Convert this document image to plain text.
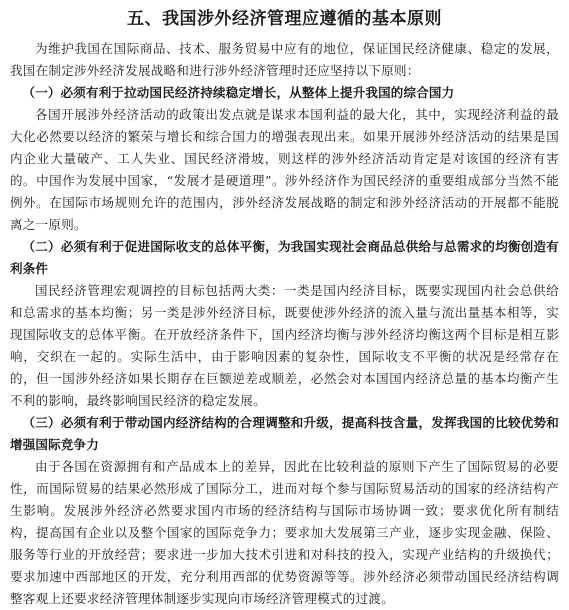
五、我国涉外经济管理应遵循的基本原则

为维护我国在国际商品、技术、服务贸易中应有的地位，保证国民经济健康、稳定的发展，我国在制定涉外经济发展战略和进行涉外经济管理时还应坚持以下原则：

（一）必须有利于拉动国民经济持续稳定增长，从整体上提升我国的综合国力

各国开展涉外经济活动的政策出发点就是谋求本国利益的最大化，其中，实现经济利益的最大化必然要以经济的繁荣与增长和综合国力的增强表现出来。如果开展涉外经济活动的结果是国内企业大量破产、工人失业、国民经济滑坡，则这样的涉外经济活动肯定是对该国的经济有害的。中国作为发展中国家，“发展才是硬道理”。涉外经济作为国民经济的重要组成部分当然不能例外。在国际市场规则允许的范围内，涉外经济发展战略的制定和涉外经济活动的开展都不能脱离之一原则。

（二）必须有利于促进国际收支的总体平衡，为我国实现社会商品总供给与总需求的均衡创造有利条件

国民经济管理宏观调控的目标包括两大类：一类是国内经济目标，既要实现国内社会总供给和总需求的基本均衡；另一类是涉外经济目标，既要使涉外经济的流入量与流出量基本相等，实现国际收支的总体平衡。在开放经济条件下，国内经济均衡与涉外经济均衡这两个目标是相互影响，交织在一起的。实际生活中，由于影响因素的复杂性，国际收支不平衡的状况是经常存在的，但一国涉外经济如果长期存在巨额逆差或顺差，必然会对本国国内经济总量的基本均衡产生不利的影响，最终影响国民经济的稳定发展。

（三）必须有利于带动国内经济结构的合理调整和升级，提高科技含量，发挥我国的比较优势和增强国际竞争力

由于各国在资源拥有和产品成本上的差异，因此在比较利益的原则下产生了国际贸易的必要性，而国际贸易的结果必然形成了国际分工，进而对每个参与国际贸易活动的国家的经济结构产生影响。发展涉外经济必然要求国内市场的经济结构与国际市场协调一致；要求优化所有制结构，提高国有企业以及整个国家的国际竞争力；要求加大发展第三产业，逐步实现金融、保险、服务等行业的开放经营；要求进一步加大技术引进和对科技的投入，实现产业结构的升级换代；要求加速中西部地区的开发，充分利用西部的优势资源等等。涉外经济必须带动国民经济结构调整客观上还要求经济管理体制逐步实现向市场经济管理模式的过渡。
